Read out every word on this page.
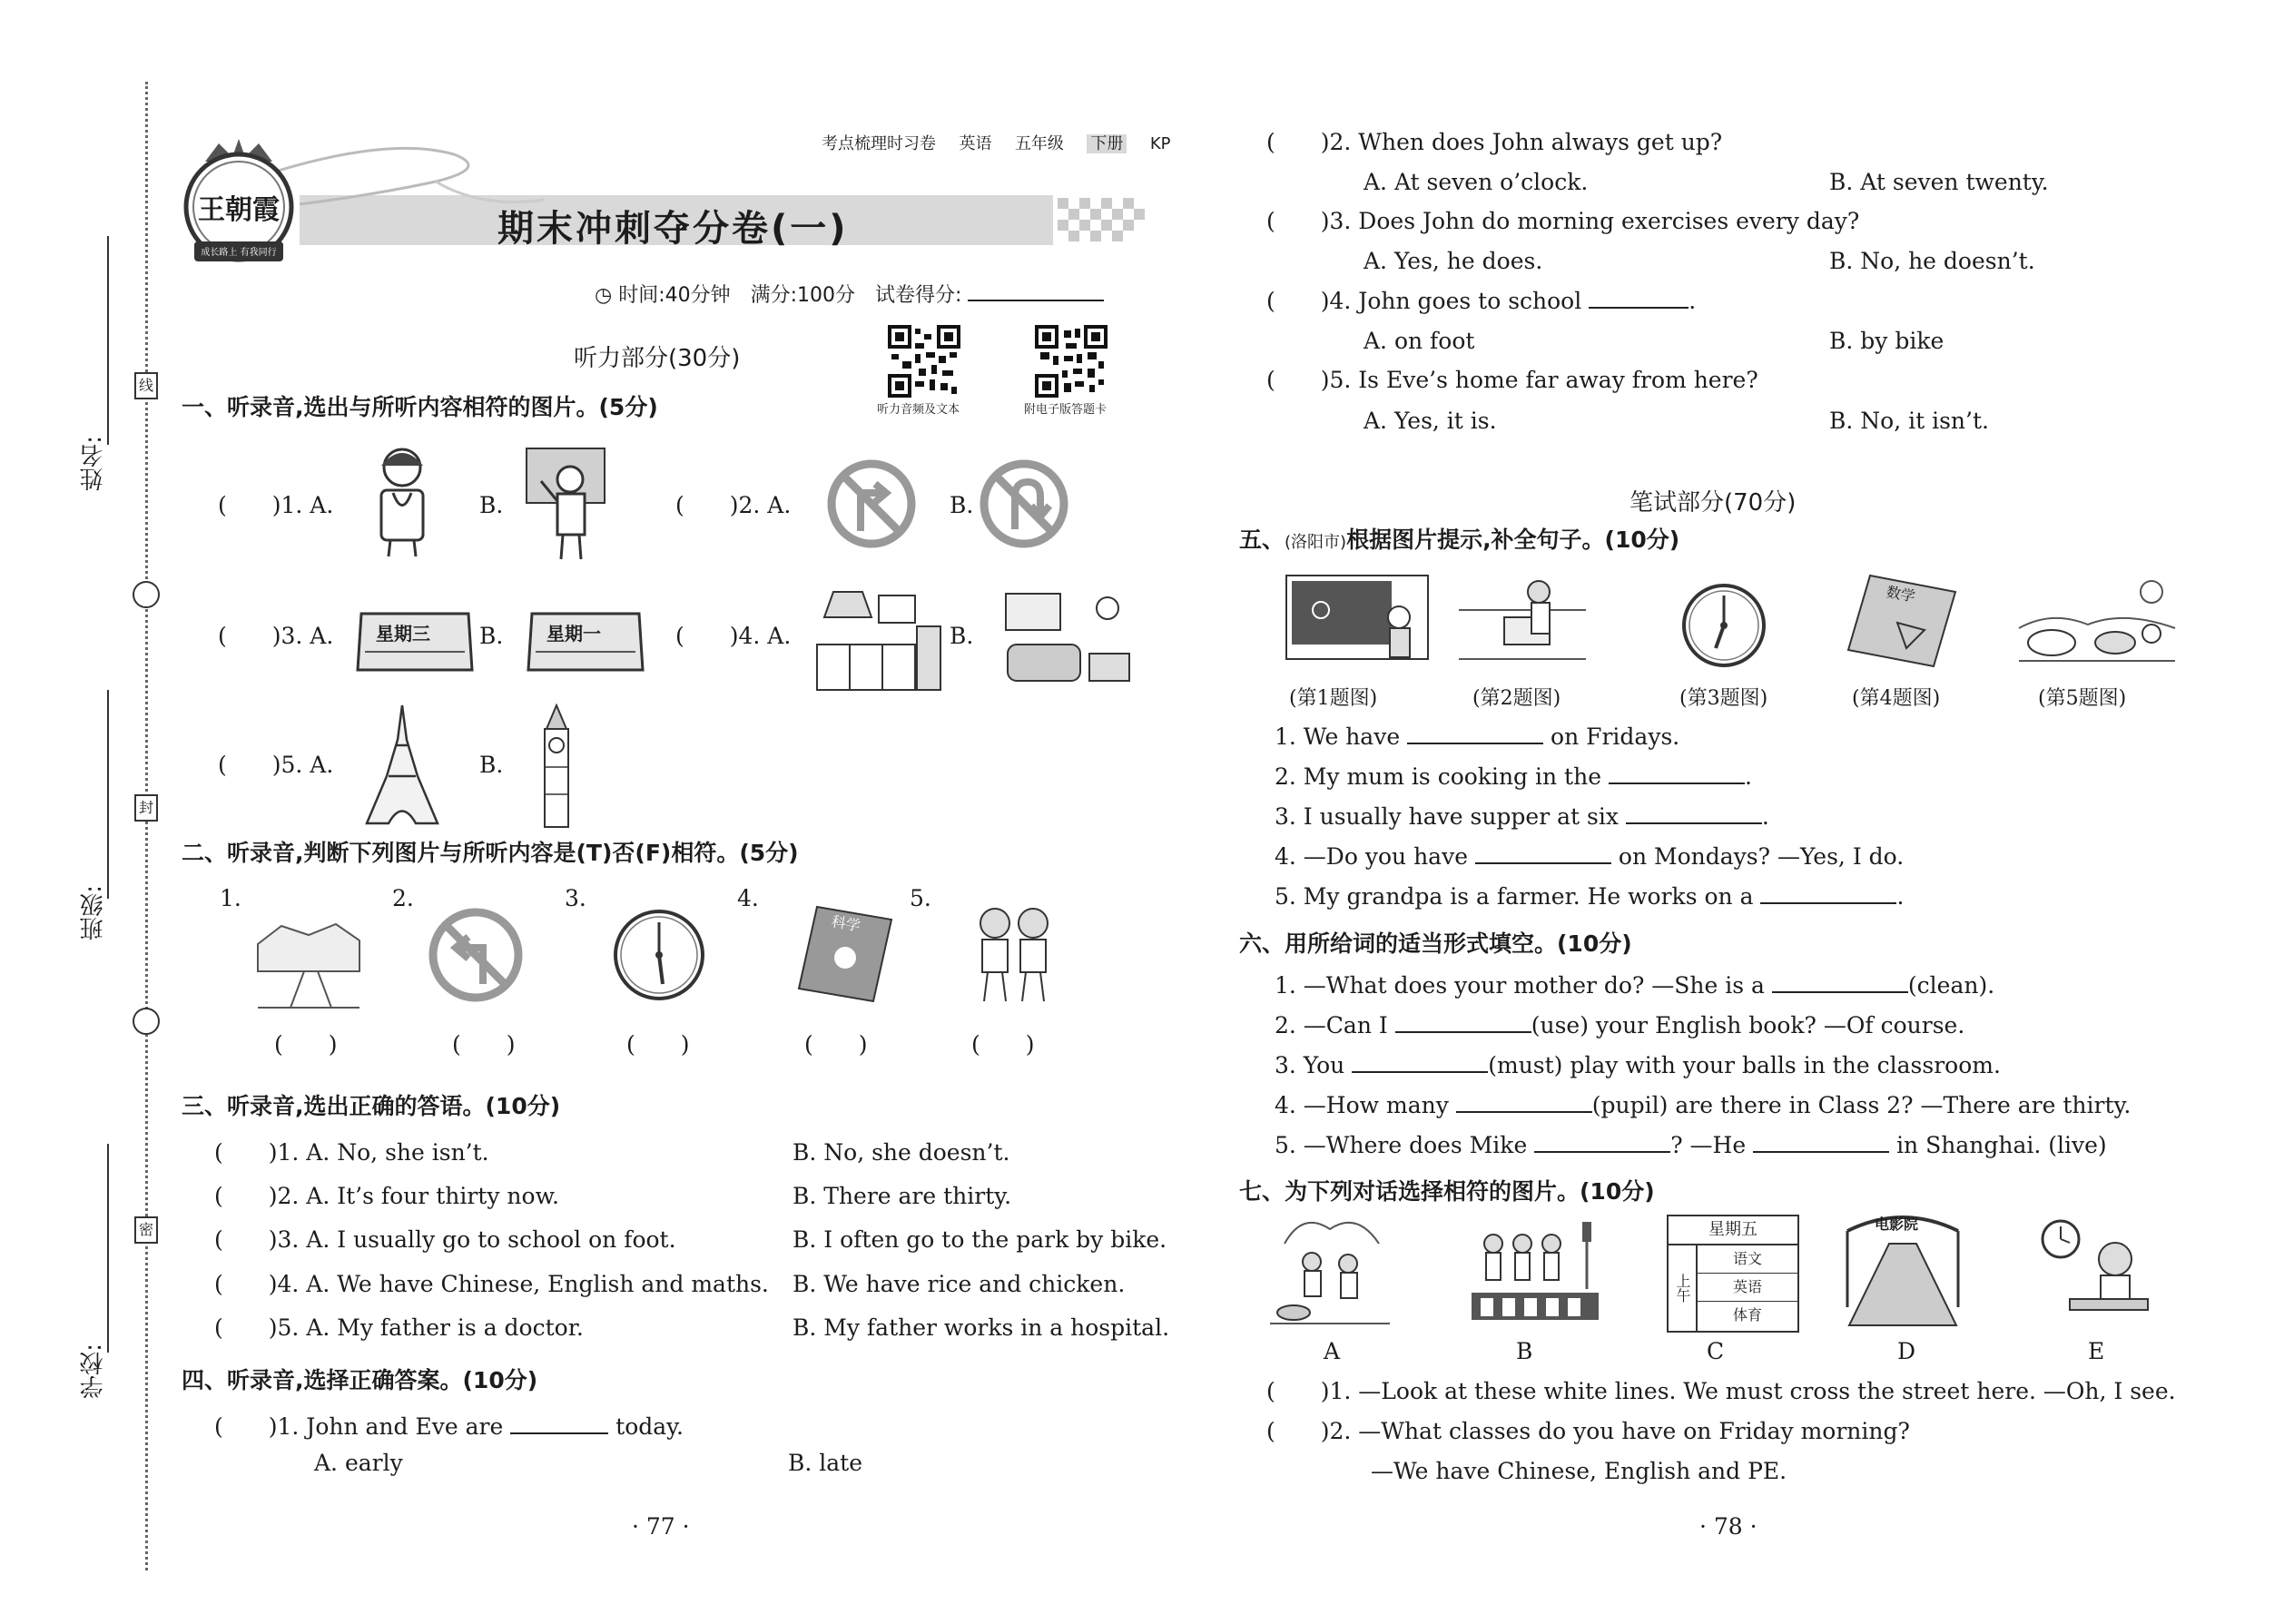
姓名:
班级:
学校:
线
封
密
王朝霞
成长路上 有我同行
考点梳理时习卷 英语 五年级 下册 KP
期末冲刺夺分卷(一)
◷ 时间:40分钟　满分:100分　试卷得分:
听力部分(30分)
听力音频及文本	附电子版答题卡
一、听录音,选出与所听内容相符的图片。(5分)
(　　)1. A.	B.	(　　)2. A.	B.
(　　)3. A. 星期三 B. 星期一	(　　)4. A.	B.
(　　)5. A.	B.
二、听录音,判断下列图片与所听内容是(T)否(F)相符。(5分)
1.	2.	3.	4.
科学
5.
(　　)	(　　)	(　　)	(　　)	(　　)
三、听录音,选出正确的答语。(10分)
(　　)1. A. No, she isn’t.	B. No, she doesn’t.
(　　)2. A. It’s four thirty now.	B. There are thirty.
(　　)3. A. I usually go to school on foot.	B. I often go to the park by bike.
(　　)4. A. We have Chinese, English and maths. B. We have rice and chicken.
(　　)5. A. My father is a doctor.	B. My father works in a hospital.
四、听录音,选择正确答案。(10分)
(　　)1. John and Eve are	today.
A. early	B. late
· 77 ·
(　　)2. When does John always get up?
A. At seven o’clock.	B. At seven twenty.
(　　)3. Does John do morning exercises every day?
A. Yes, he does.	B. No, he doesn’t.
(　　)4. John goes to school	.
A. on foot	B. by bike
(　　)5. Is Eve’s home far away from here?
A. Yes, it is.	B. No, it isn’t.
笔试部分(70分)
五、(洛阳市)根据图片提示,补全句子。(10分)
数学
(第1题图)	(第2题图)	(第3题图)	(第4题图)	(第5题图)
1. We have	on Fridays.
2. My mum is cooking in the	.
3. I usually have supper at six	.
4. —Do you have	on Mondays? —Yes, I do.
5. My grandpa is a farmer. He works on a	.
六、用所给词的适当形式填空。(10分)
1. —What does your mother do? —She is a	(clean).
2. —Can I	(use) your English book? —Of course.
3. You	(must) play with your balls in the classroom.
4. —How many	(pupil) are there in Class 2? —There are thirty.
5. —Where does Mike	? —He	in Shanghai. (live)
七、为下列对话选择相符的图片。(10分)
星期五
上午
语文
英语
体育
电影院
A	B	C	D	E
(　　)1. —Look at these white lines. We must cross the street here. —Oh, I see.
(　　)2. —What classes do you have on Friday morning?
—We have Chinese, English and PE.
· 78 ·
